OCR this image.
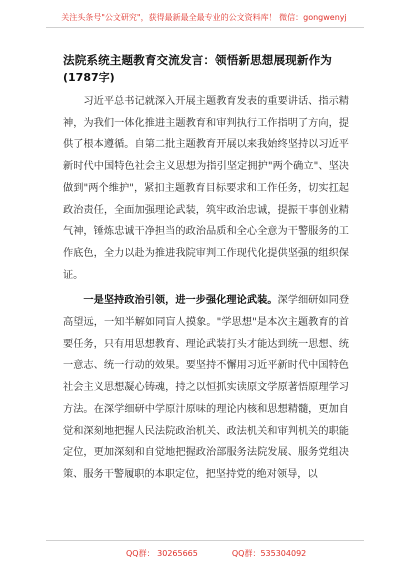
关注头条号"公文研究"，获得最新最全最专业的公文资料库！ 微信：gongwenyj
法院系统主题教育交流发言：领悟新思想展现新作为
(1787字)

习近平总书记就深入开展主题教育发表的重要讲话、指示精神，为我们一体化推进主题教育和审判执行工作指明了方向，提供了根本遵循。自第二批主题教育开展以来我始终坚持以习近平新时代中国特色社会主义思想为指引坚定拥护"两个确立"、坚决做到"两个维护"，紧扣主题教育目标要求和工作任务，切实扛起政治责任，全面加强理论武装，筑牢政治忠诚，提振干事创业精气神，锤炼忠诚干净担当的政治品质和全心全意为干警服务的工作底色，全力以赴为推进我院审判工作现代化提供坚强的组织保证。

一是坚持政治引领，进一步强化理论武装。深学细研如同登高望远，一知半解如同盲人摸象。"学思想"是本次主题教育的首要任务，只有用思想教育、理论武装打头才能达到统一思想、统一意志、统一行动的效果。要坚持不懈用习近平新时代中国特色社会主义思想凝心铸魂，持之以恒抓实读原文学原著悟原理学习方法。在深学细研中学原汁原味的理论内核和思想精髓，更加自觉和深刻地把握人民法院政治机关、政法机关和审判机关的职能定位，更加深刻和自觉地把握政治部服务法院发展、服务党组决策、服务干警履职的本职定位，把坚持党的绝对领导，以

QQ群： 30265665	QQ群：535304092
